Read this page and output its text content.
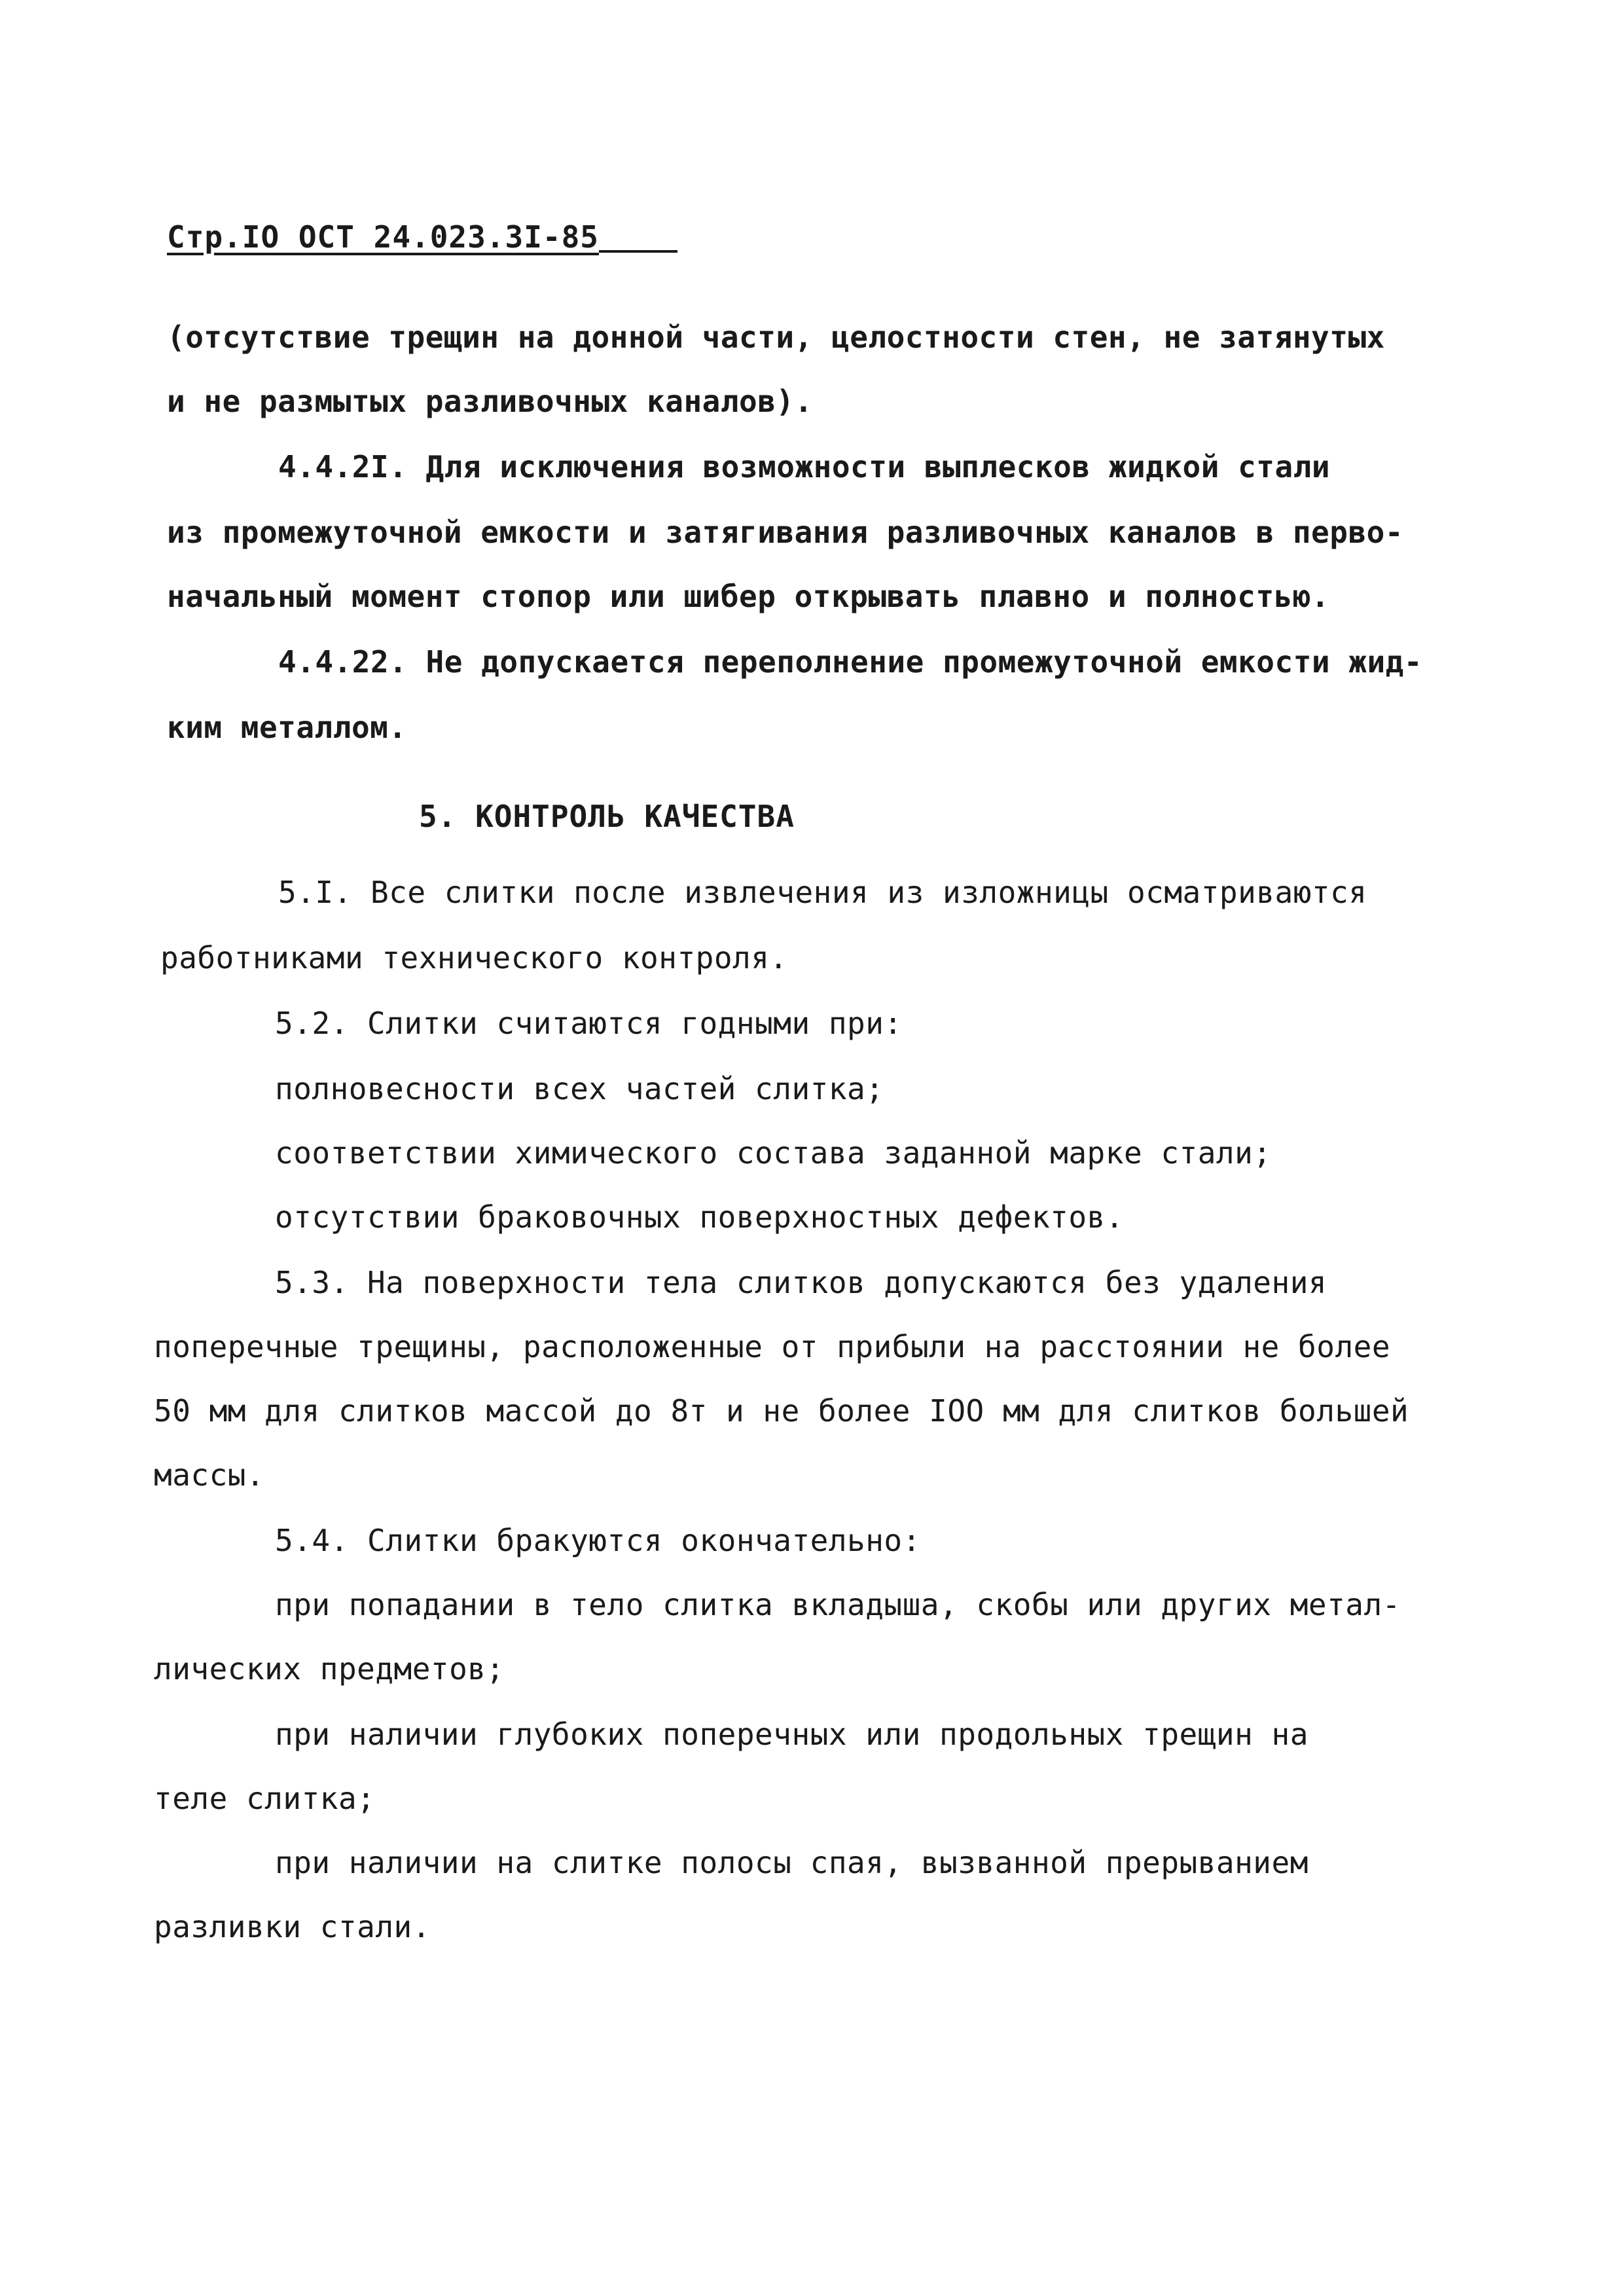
Стр.IO ОСТ 24.023.3I-85
(отсутствие трещин на донной части, целостности стен, не затянутых
и не размытых разливочных каналов).
4.4.2I. Для исключения возможности выплесков жидкой стали
из промежуточной емкости и затягивания разливочных каналов в перво-
начальный момент стопор или шибер открывать плавно и полностью.
4.4.22. Не допускается переполнение промежуточной емкости жид-
ким металлом.
5. КОНТРОЛЬ КАЧЕСТВА
5.I. Все слитки после извлечения из изложницы осматриваются
работниками технического контроля.
5.2. Слитки считаются годными при:
полновесности всех частей слитка;
соответствии химического состава заданной марке стали;
отсутствии браковочных поверхностных дефектов.
5.3. На поверхности тела слитков допускаются без удаления
поперечные трещины, расположенные от прибыли на расстоянии не более
50 мм для слитков массой до 8т и не более IOO мм для слитков большей
массы.
5.4. Слитки бракуются окончательно:
при попадании в тело слитка вкладыша, скобы или других метал-
лических предметов;
при наличии глубоких поперечных или продольных трещин на
теле слитка;
при наличии на слитке полосы спая, вызванной прерыванием
разливки стали.
